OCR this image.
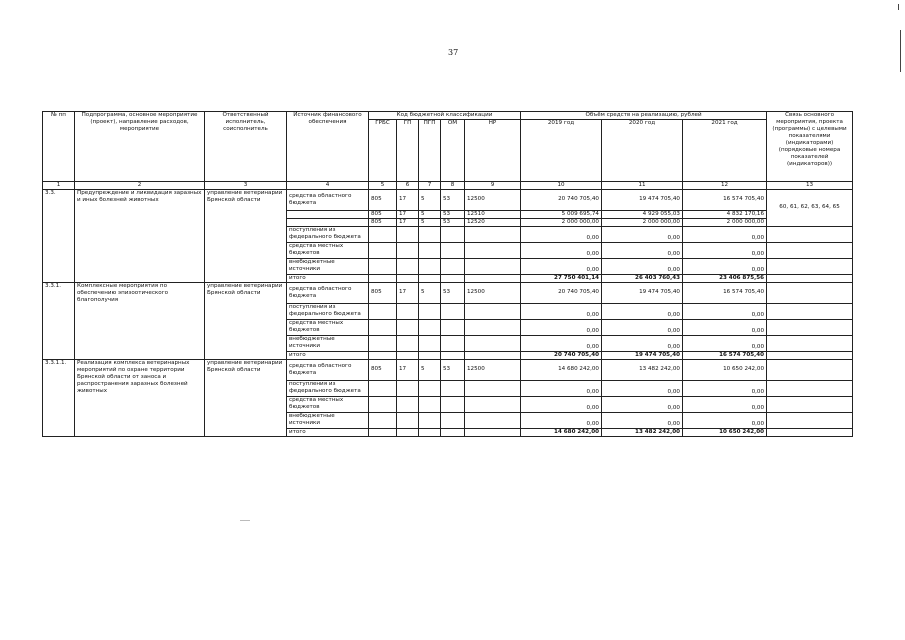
37
№ пп	Подпрограмма, основное мероприятие (проект), направление расходов, мероприятие	Ответственный исполнитель, соисполнитель	Источник финансового обеспечения	Код бюджетной классификации					Объём средств на реализацию, рублей			Связь основного мероприятия, проекта (программы) с целевыми показателями (индикаторами) (порядковые номера показателей (индикаторов))
				ГРБС	ГП	ПГП	ОМ	НР	2019 год	2020 год	2021 год	
1	2	3	4	5	6	7	8	9	10	11	12	13
3.3.	Предупреждение и ликвидация заразных и иных болезней животных	управление ветеринарии Брянской области	средства областного бюджета	805	17	5	53	12500	20 740 705,40	19 474 705,40	16 574 705,40	60, 61, 62, 63, 64, 65
				805	17	5	53	12510	5 009 695,74	4 929 055,03	4 832 170,16	
				805	17	5	53	12520	2 000 000,00	2 000 000,00	2 000 000,00	
			поступления из федерального бюджета						0,00	0,00	0,00	
			средства местных бюджетов						0,00	0,00	0,00	
			внебюджетные источники						0,00	0,00	0,00	
			итого						27 750 401,14	26 403 760,43	23 406 875,56	
3.3.1.	Комплексные мероприятия по обеспечению эпизоотического благополучия	управление ветеринарии Брянской области	средства областного бюджета	805	17	5	53	12500	20 740 705,40	19 474 705,40	16 574 705,40	
			поступления из федерального бюджета						0,00	0,00	0,00	
			средства местных бюджетов						0,00	0,00	0,00	
			внебюджетные источники						0,00	0,00	0,00	
			итого						20 740 705,40	19 474 705,40	16 574 705,40	
3.3.1.1.	Реализация комплекса ветеринарных мероприятий по охране территории Брянской области от заноса и распространения заразных болезней животных	управление ветеринарии Брянской области	средства областного бюджета	805	17	5	53	12500	14 680 242,00	13 482 242,00	10 650 242,00	
			поступления из федерального бюджета						0,00	0,00	0,00	
			средства местных бюджетов						0,00	0,00	0,00	
			внебюджетные источники						0,00	0,00	0,00	
			итого						14 680 242,00	13 482 242,00	10 650 242,00	
